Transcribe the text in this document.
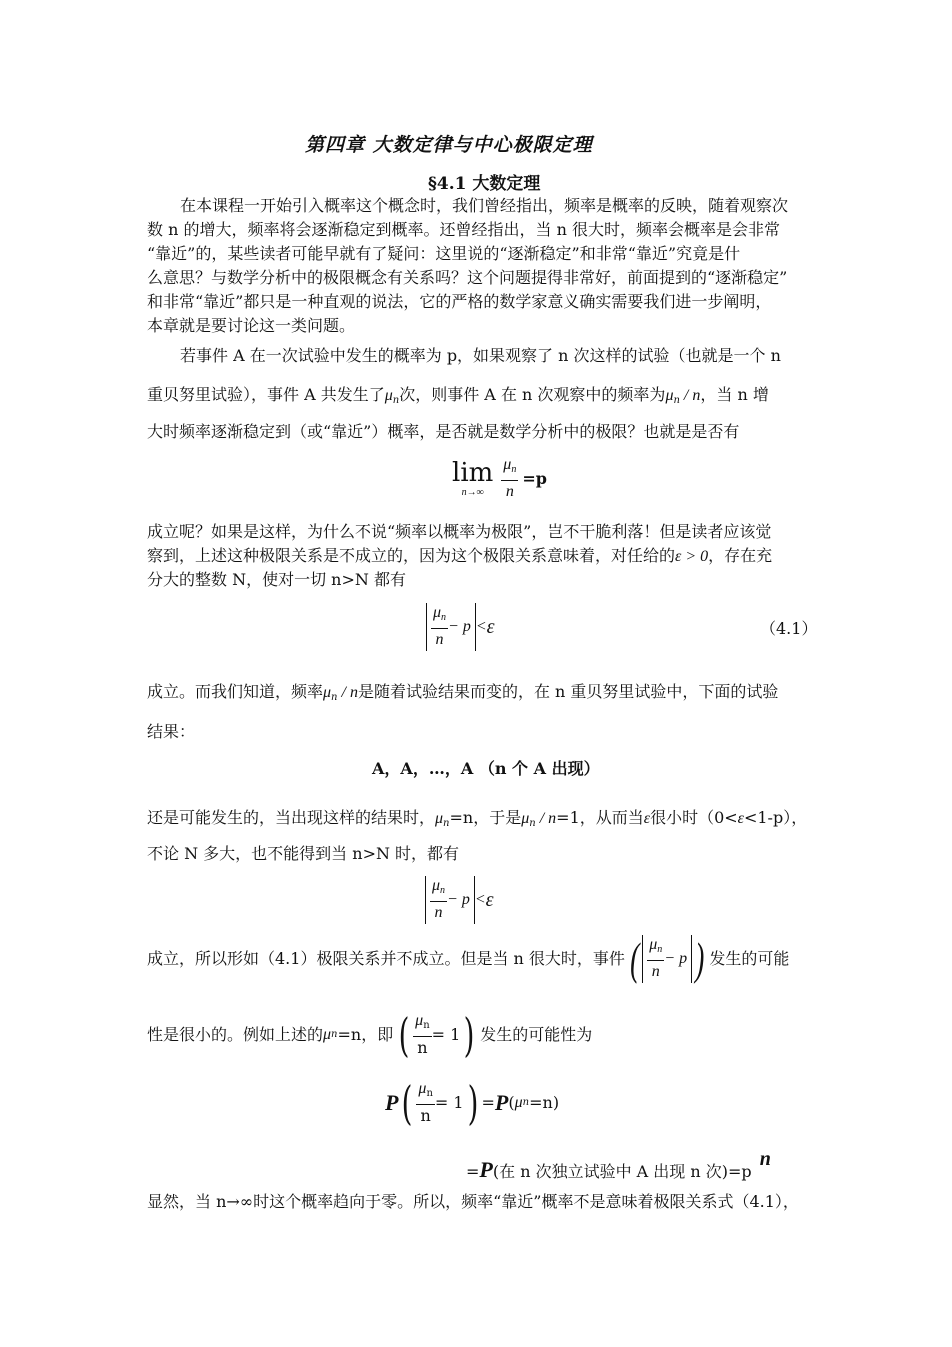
第四章 大数定律与中心极限定理
§4.1 大数定理
在本课程一开始引入概率这个概念时，我们曾经指出，频率是概率的反映，随着观察次
数 n 的增大，频率将会逐渐稳定到概率。还曾经指出，当 n 很大时，频率会概率是会非常
“靠近”的，某些读者可能早就有了疑问：这里说的“逐渐稳定”和非常“靠近”究竟是什
么意思？与数学分析中的极限概念有关系吗？这个问题提得非常好，前面提到的“逐渐稳定”
和非常“靠近”都只是一种直观的说法，它的严格的数学家意义确实需要我们进一步阐明，
本章就是要讨论这一类问题。
若事件 A 在一次试验中发生的概率为 p，如果观察了 n 次这样的试验（也就是一个 n
重贝努里试验），事件 A 共发生了$\mu_n$次，则事件 A 在 n 次观察中的频率为$\mu_n$ / n，当 n 增
大时频率逐渐稳定到（或“靠近”）概率，是否就是数学分析中的极限？也就是是否有
lim
$n\to\infty \frac{\mu_n}{n} =p$
成立呢？如果是这样，为什么不说“频率以概率为极限”，岂不干脆利落！但是读者应该觉
察到，上述这种极限关系是不成立的，因为这个极限关系意味着，对任给的ε > 0，存在充
分大的整数 N，使对一切 n>N 都有
$\frac{\mu_n}{n} - p < \varepsilon$	（4.1）
成立。而我们知道，频率$\mu_n$ / n是随着试验结果而变的，在 n 重贝努里试验中，下面的试验
结果：
A，A，…，A （n 个 A 出现）
还是可能发生的，当出现这样的结果时，$\mu_n=n$，于是$\mu_n / n=1$，从而当ε很小时（0<ε<1-p），
不论 N 多大，也不能得到当 n>N 时，都有
$\frac{\mu_n}{n} - p < \varepsilon$
成立，所以形如（4.1）极限关系并不成立。但是当 n 很大时，事件 ( $\frac{\mu_n}{n} - p$ ) 发生的可能
性是很小的。例如上述的 μ n =n，即 ( $\frac{\mu n}{n} = 1$ ) 发生的可能性为
P ( $\frac{\mu n}{n} = 1$ ) = P ( μ n =n)
=P(在 n 次独立试验中 A 出现 n 次)=pn
显然，当 n→∞时这个概率趋向于零。所以，频率“靠近”概率不是意味着极限关系式（4.1），
